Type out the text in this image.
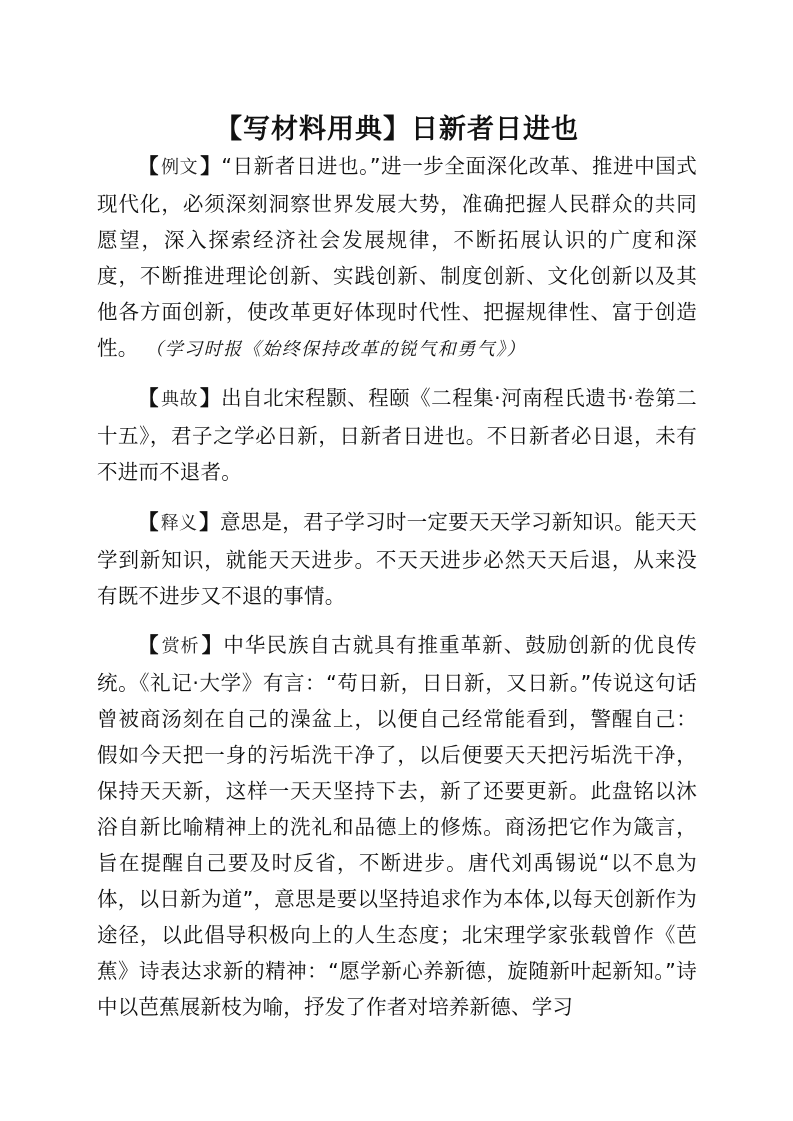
【写材料用典】日新者日进也

【 例文】“日新者日进也。”进一步全面深化改革、推进中国式现代化，必须深刻洞察世界发展大势，准确把握人民群众的共同愿望，深入探索经济社会发展规律，不断拓展认识的广度和深度，不断推进理论创新、实践创新、制度创新、文化创新以及其他各方面创新，使改革更好体现时代性、把握规律性、富于创造性。 （学习时报《始终保持改革的锐气和勇气》）

【 典故】出自北宋程颢、程颐《二程集·河南程氏遗书·卷第二十五》，君子之学必日新，日新者日进也。不日新者必日退，未有不进而不退者。

【 释义】意思是，君子学习时一定要天天学习新知识。能天天学到新知识，就能天天进步。不天天进步必然天天后退，从来没有既不进步又不退的事情。

【 赏析】中华民族自古就具有推重革新、鼓励创新的优良传统。《礼记·大学》有言：“苟日新，日日新，又日新。”传说这句话曾被商汤刻在自己的澡盆上，以便自己经常能看到，警醒自己：假如今天把一身的污垢洗干净了，以后便要天天把污垢洗干净，保持天天新，这样一天天坚持下去，新了还要更新。此盘铭以沐浴自新比喻精神上的洗礼和品德上的修炼。商汤把它作为箴言，旨在提醒自己要及时反省，不断进步。唐代刘禹锡说“以不息为体，以日新为道”，意思是要以坚持追求作为本体,以每天创新作为途径，以此倡导积极向上的人生态度；北宋理学家张载曾作《芭蕉》诗表达求新的精神：“愿学新心养新德，旋随新叶起新知。”诗中以芭蕉展新枝为喻，抒发了作者对培养新德、学习
